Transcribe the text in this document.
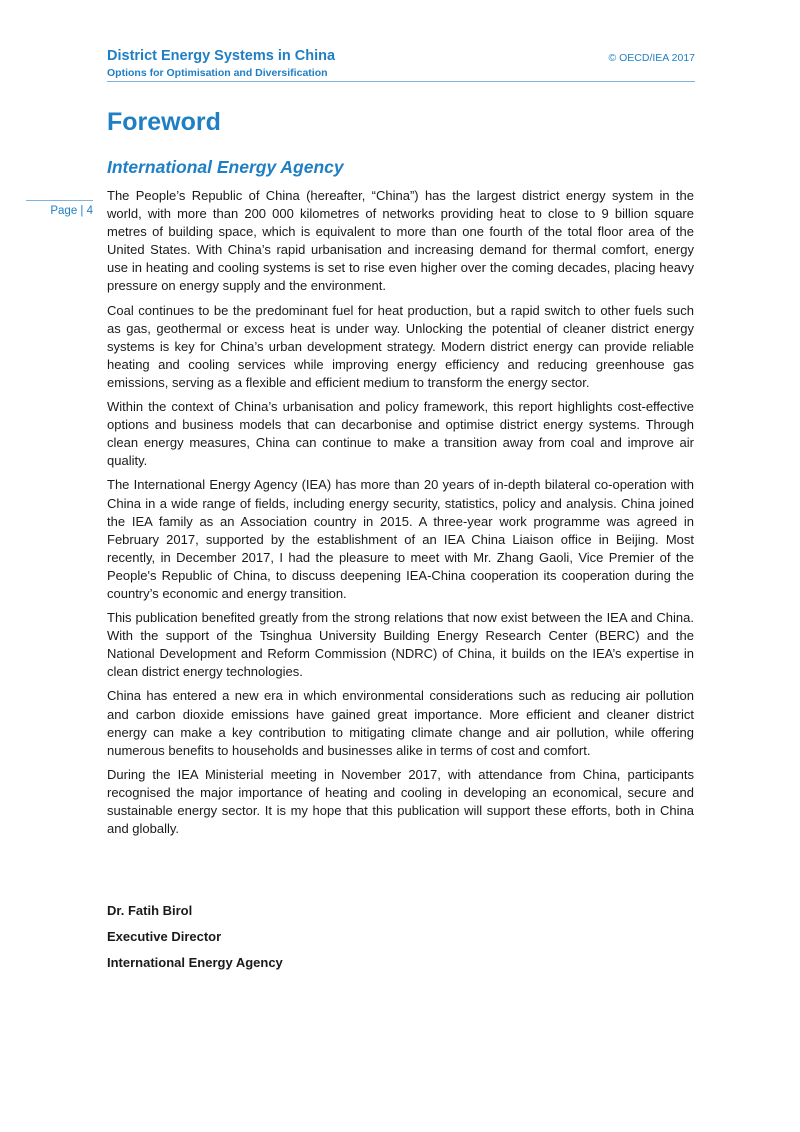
District Energy Systems in China
Options for Optimisation and Diversification
© OECD/IEA 2017
Page | 4
Foreword
International Energy Agency

The People’s Republic of China (hereafter, “China”) has the largest district energy system in the world, with more than 200 000 kilometres of networks providing heat to close to 9 billion square metres of building space, which is equivalent to more than one fourth of the total floor area of the United States. With China’s rapid urbanisation and increasing demand for thermal comfort, energy use in heating and cooling systems is set to rise even higher over the coming decades, placing heavy pressure on energy supply and the environment.

Coal continues to be the predominant fuel for heat production, but a rapid switch to other fuels such as gas, geothermal or excess heat is under way. Unlocking the potential of cleaner district energy systems is key for China’s urban development strategy. Modern district energy can provide reliable heating and cooling services while improving energy efficiency and reducing greenhouse gas emissions, serving as a flexible and efficient medium to transform the energy sector.

Within the context of China’s urbanisation and policy framework, this report highlights cost-effective options and business models that can decarbonise and optimise district energy systems. Through clean energy measures, China can continue to make a transition away from coal and improve air quality.

The International Energy Agency (IEA) has more than 20 years of in-depth bilateral co-operation with China in a wide range of fields, including energy security, statistics, policy and analysis. China joined the IEA family as an Association country in 2015. A three-year work programme was agreed in February 2017, supported by the establishment of an IEA China Liaison office in Beijing. Most recently, in December 2017, I had the pleasure to meet with Mr. Zhang Gaoli, Vice Premier of the People's Republic of China, to discuss deepening IEA-China cooperation its cooperation during the country’s economic and energy transition.

This publication benefited greatly from the strong relations that now exist between the IEA and China. With the support of the Tsinghua University Building Energy Research Center (BERC) and the National Development and Reform Commission (NDRC) of China, it builds on the IEA’s expertise in clean district energy technologies.

China has entered a new era in which environmental considerations such as reducing air pollution and carbon dioxide emissions have gained great importance. More efficient and cleaner district energy can make a key contribution to mitigating climate change and air pollution, while offering numerous benefits to households and businesses alike in terms of cost and comfort.

During the IEA Ministerial meeting in November 2017, with attendance from China, participants recognised the major importance of heating and cooling in developing an economical, secure and sustainable energy sector. It is my hope that this publication will support these efforts, both in China and globally.

Dr. Fatih Birol
Executive Director
International Energy Agency
